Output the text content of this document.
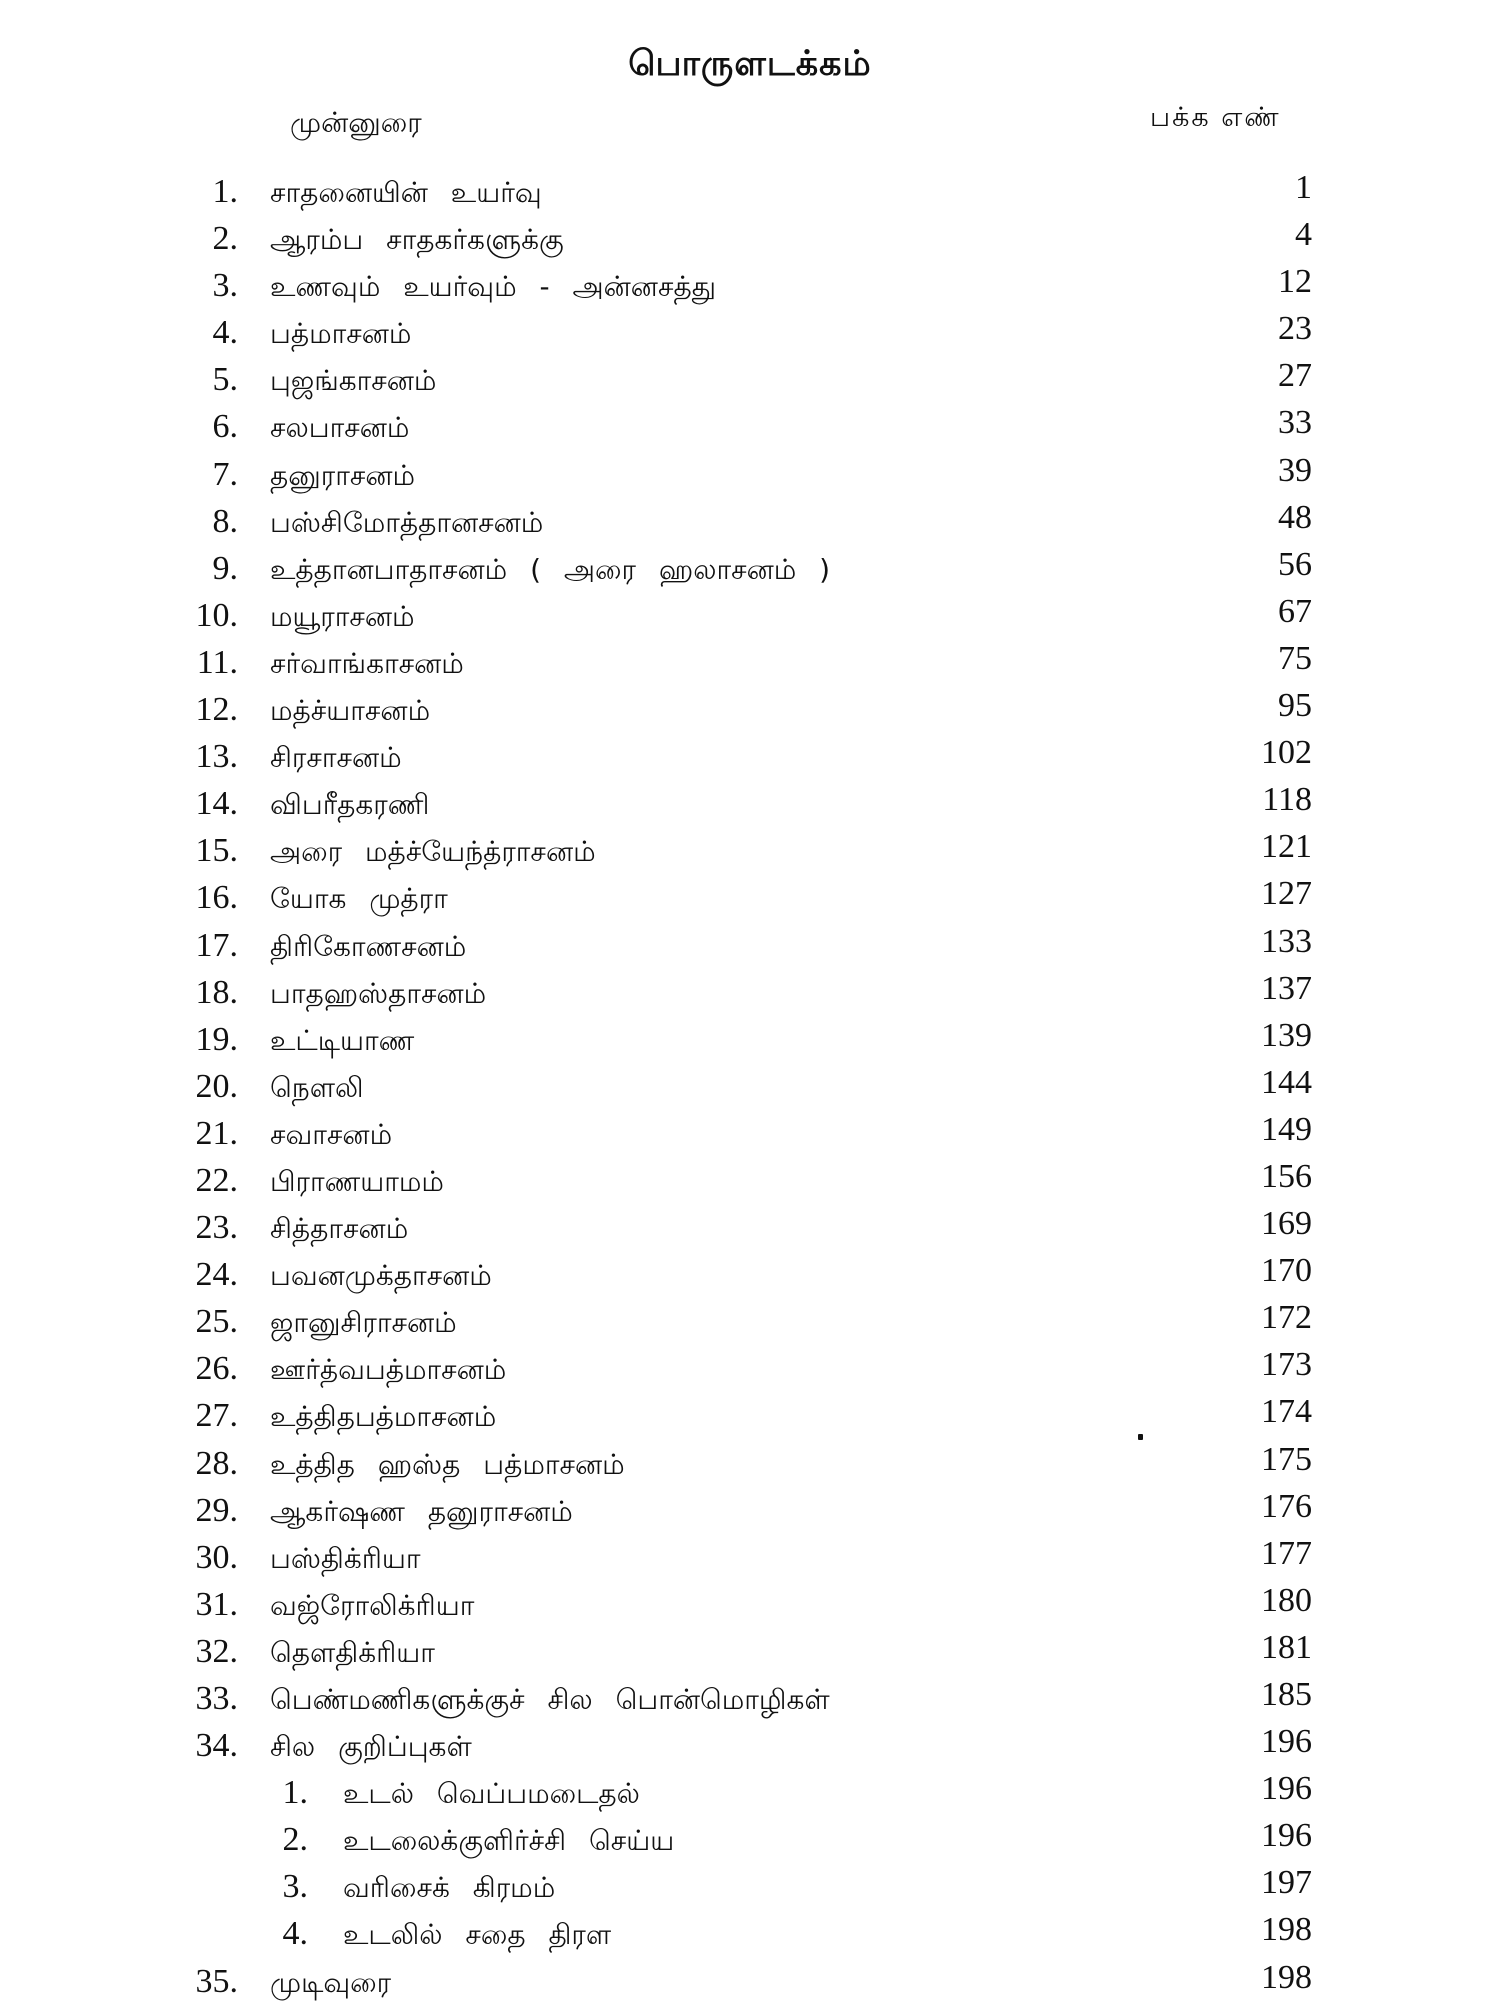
பொருளடக்கம்
முன்னுரை	பக்க எண்
1. சாதனையின் உயர்வு	1
2. ஆரம்ப சாதகர்களுக்கு	4
3. உணவும் உயர்வும் - அன்னசத்து	12
4. பத்மாசனம்	23
5. புஜங்காசனம்	27
6. சலபாசனம்	33
7. தனுராசனம்	39
8. பஸ்சிமோத்தானசனம்	48
9. உத்தானபாதாசனம் ( அரை ஹலாசனம் )	56
10. மயூராசனம்	67
11. சர்வாங்காசனம்	75
12. மத்ச்யாசனம்	95
13. சிரசாசனம்	102
14. விபரீதகரணி	118
15. அரை மத்ச்யேந்த்ராசனம்	121
16. யோக முத்ரா	127
17. திரிகோணசனம்	133
18. பாதஹஸ்தாசனம்	137
19. உட்டியாண	139
20. நௌலி	144
21. சவாசனம்	149
22. பிராணயாமம்	156
23. சித்தாசனம்	169
24. பவனமுக்தாசனம்	170
25. ஜானுசிராசனம்	172
26. ஊர்த்வபத்மாசனம்	173
27. உத்திதபத்மாசனம்	174
28. உத்தித ஹஸ்த பத்மாசனம்	175
29. ஆகர்ஷண தனுராசனம்	176
30. பஸ்திக்ரியா	177
31. வஜ்ரோலிக்ரியா	180
32. தௌதிக்ரியா	181
33. பெண்மணிகளுக்குச் சில பொன்மொழிகள்	185
34. சில குறிப்புகள்	196
1. உடல் வெப்பமடைதல்	196
2. உடலைக்குளிர்ச்சி செய்ய	196
3. வரிசைக் கிரமம்	197
4. உடலில் சதை திரள	198
35. முடிவுரை	198
